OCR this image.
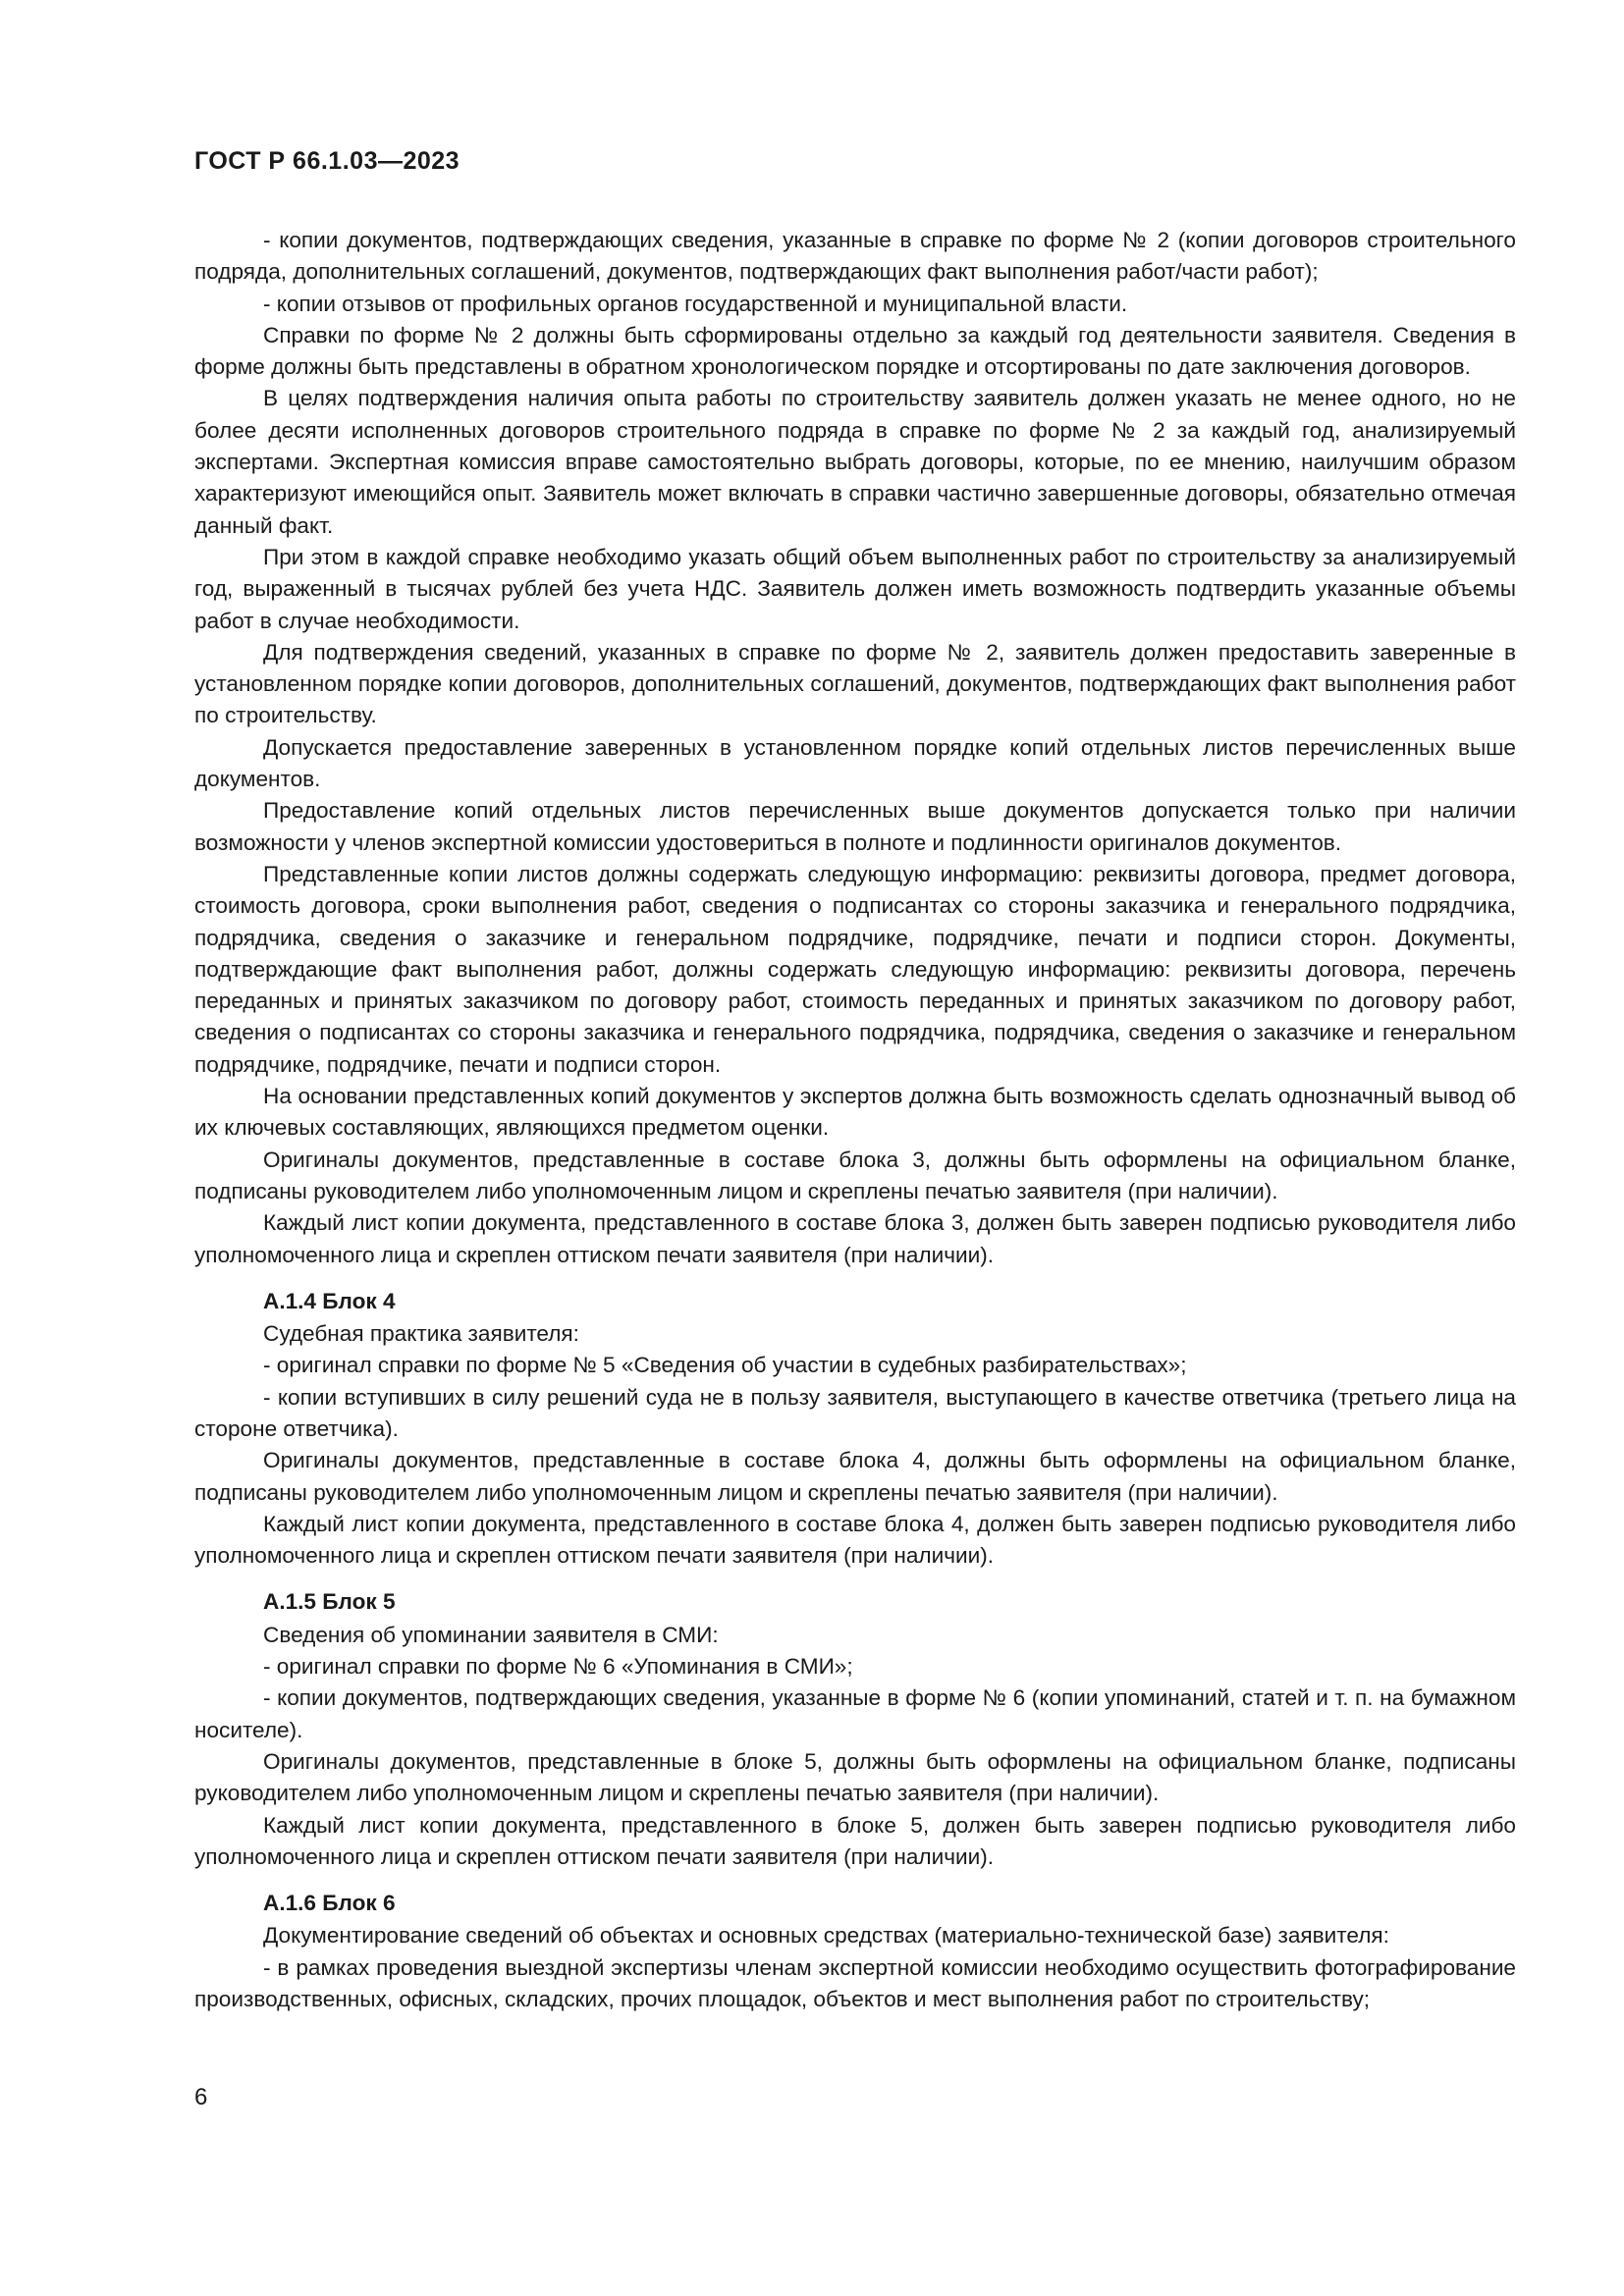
ГОСТ Р 66.1.03—2023

- копии документов, подтверждающих сведения, указанные в справке по форме № 2 (копии договоров строительного подряда, дополнительных соглашений, документов, подтверждающих факт выполнения работ/части работ);

- копии отзывов от профильных органов государственной и муниципальной власти.

Справки по форме № 2 должны быть сформированы отдельно за каждый год деятельности заявителя. Сведения в форме должны быть представлены в обратном хронологическом порядке и отсортированы по дате заключения договоров.

В целях подтверждения наличия опыта работы по строительству заявитель должен указать не менее одного, но не более десяти исполненных договоров строительного подряда в справке по форме № 2 за каждый год, анализируемый экспертами. Экспертная комиссия вправе самостоятельно выбрать договоры, которые, по ее мнению, наилучшим образом характеризуют имеющийся опыт. Заявитель может включать в справки частично завершенные договоры, обязательно отмечая данный факт.

При этом в каждой справке необходимо указать общий объем выполненных работ по строительству за анализируемый год, выраженный в тысячах рублей без учета НДС. Заявитель должен иметь возможность подтвердить указанные объемы работ в случае необходимости.

Для подтверждения сведений, указанных в справке по форме № 2, заявитель должен предоставить заверенные в установленном порядке копии договоров, дополнительных соглашений, документов, подтверждающих факт выполнения работ по строительству.

Допускается предоставление заверенных в установленном порядке копий отдельных листов перечисленных выше документов.

Предоставление копий отдельных листов перечисленных выше документов допускается только при наличии возможности у членов экспертной комиссии удостовериться в полноте и подлинности оригиналов документов.

Представленные копии листов должны содержать следующую информацию: реквизиты договора, предмет договора, стоимость договора, сроки выполнения работ, сведения о подписантах со стороны заказчика и генерального подрядчика, подрядчика, сведения о заказчике и генеральном подрядчике, подрядчике, печати и подписи сторон. Документы, подтверждающие факт выполнения работ, должны содержать следующую информацию: реквизиты договора, перечень переданных и принятых заказчиком по договору работ, стоимость переданных и принятых заказчиком по договору работ, сведения о подписантах со стороны заказчика и генерального подрядчика, подрядчика, сведения о заказчике и генеральном подрядчике, подрядчике, печати и подписи сторон.

На основании представленных копий документов у экспертов должна быть возможность сделать однозначный вывод об их ключевых составляющих, являющихся предметом оценки.

Оригиналы документов, представленные в составе блока 3, должны быть оформлены на официальном бланке, подписаны руководителем либо уполномоченным лицом и скреплены печатью заявителя (при наличии).

Каждый лист копии документа, представленного в составе блока 3, должен быть заверен подписью руководителя либо уполномоченного лица и скреплен оттиском печати заявителя (при наличии).

А.1.4 Блок 4

Судебная практика заявителя:

- оригинал справки по форме № 5 «Сведения об участии в судебных разбирательствах»;

- копии вступивших в силу решений суда не в пользу заявителя, выступающего в качестве ответчика (третьего лица на стороне ответчика).

Оригиналы документов, представленные в составе блока 4, должны быть оформлены на официальном бланке, подписаны руководителем либо уполномоченным лицом и скреплены печатью заявителя (при наличии).

Каждый лист копии документа, представленного в составе блока 4, должен быть заверен подписью руководителя либо уполномоченного лица и скреплен оттиском печати заявителя (при наличии).

А.1.5 Блок 5

Сведения об упоминании заявителя в СМИ:

- оригинал справки по форме № 6 «Упоминания в СМИ»;

- копии документов, подтверждающих сведения, указанные в форме № 6 (копии упоминаний, статей и т. п. на бумажном носителе).

Оригиналы документов, представленные в блоке 5, должны быть оформлены на официальном бланке, подписаны руководителем либо уполномоченным лицом и скреплены печатью заявителя (при наличии).

Каждый лист копии документа, представленного в блоке 5, должен быть заверен подписью руководителя либо уполномоченного лица и скреплен оттиском печати заявителя (при наличии).

А.1.6 Блок 6

Документирование сведений об объектах и основных средствах (материально-технической базе) заявителя:

- в рамках проведения выездной экспертизы членам экспертной комиссии необходимо осуществить фотографирование производственных, офисных, складских, прочих площадок, объектов и мест выполнения работ по строительству;

6
